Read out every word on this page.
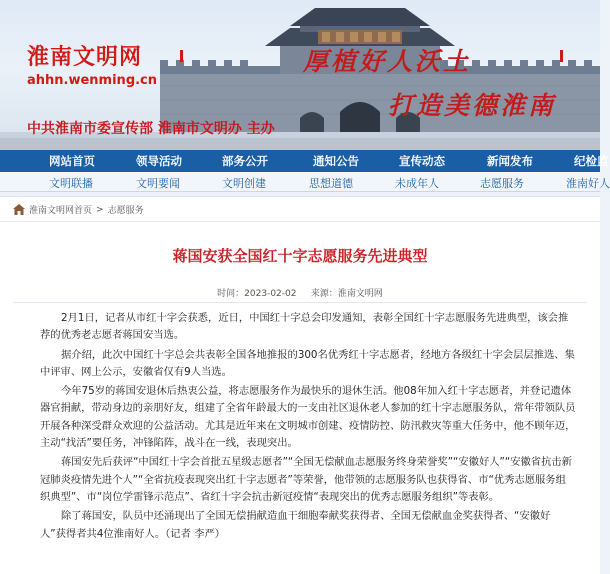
淮南文明网
ahhn.wenming.cn
厚植好人沃土
打造美德淮南
中共淮南市委宣传部 淮南市文明办 主办
网站首页	领导活动	部务公开	通知公告	宣传动态	新闻发布	纪检监
文明联播	文明要闻	文明创建	思想道德	未成年人	志愿服务	淮南好人
淮南文明网首页 > 志愿服务
蒋国安获全国红十字志愿服务先进典型
时间：2023-02-02 来源：淮南文明网

2月1日，记者从市红十字会获悉，近日，中国红十字总会印发通知，表彰全国红十字志愿服务先进典型，该会推荐的优秀老志愿者蒋国安当选。

据介绍，此次中国红十字总会共表彰全国各地推报的300名优秀红十字志愿者，经地方各级红十字会层层推选、集中评审、网上公示，安徽省仅有9人当选。

今年75岁的蒋国安退休后热衷公益，将志愿服务作为最快乐的退休生活。他08年加入红十字志愿者，并登记遗体器官捐献，带动身边的亲朋好友，组建了全省年龄最大的一支由社区退休老人参加的红十字志愿服务队，常年带领队员开展各种深受群众欢迎的公益活动。尤其是近年来在文明城市创建、疫情防控、防汛救灾等重大任务中，他不顾年迈，主动“找活”要任务，冲锋陷阵，战斗在一线，表现突出。

蒋国安先后获评“中国红十字会首批五星级志愿者”“全国无偿献血志愿服务终身荣誉奖”“安徽好人”“安徽省抗击新冠肺炎疫情先进个人”“全省抗疫表现突出红十字志愿者”等荣誉，他带领的志愿服务队也获得省、市“优秀志愿服务组织典型”、市“岗位学雷锋示范点”、省红十字会抗击新冠疫情“表现突出的优秀志愿服务组织”等表彰。

除了蒋国安，队员中还涌现出了全国无偿捐献造血干细胞奉献奖获得者、全国无偿献血金奖获得者、“安徽好人”获得者共4位淮南好人。（记者 李严）
